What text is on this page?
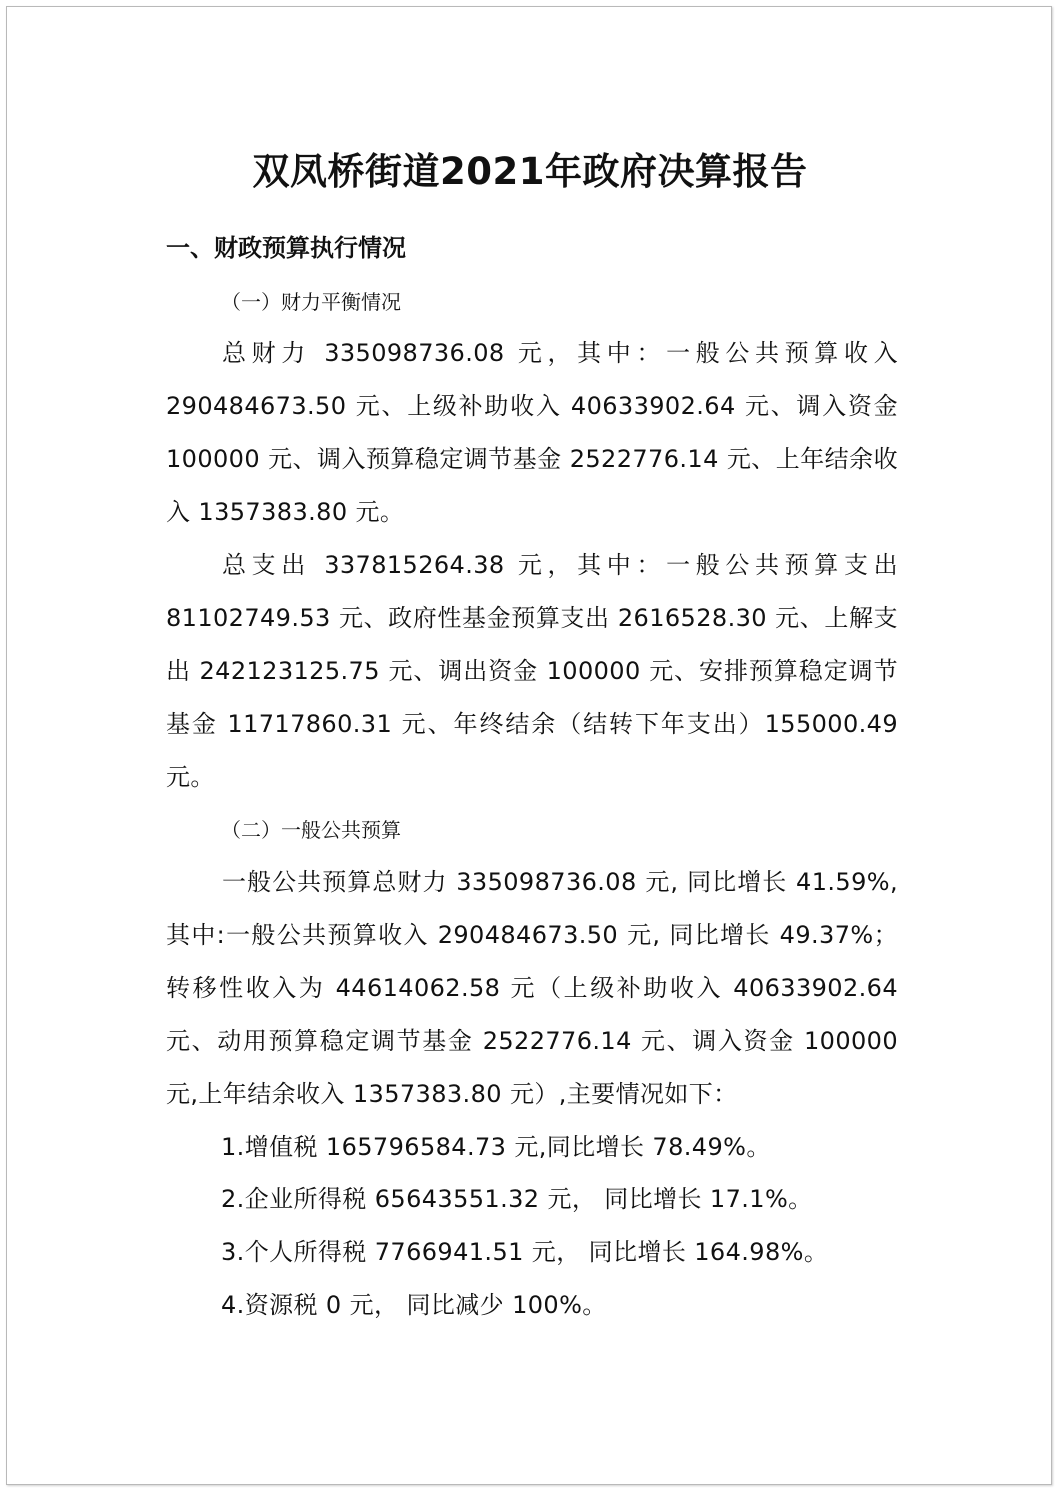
双凤桥街道2021年政府决算报告
一、财政预算执行情况
（一）财力平衡情况
总财力 335098736.08 元，其中：一般公共预算收入 290484673.50 元、上级补助收入 40633902.64 元、调入资金 100000 元、调入预算稳定调节基金 2522776.14 元、上年结余收入 1357383.80 元。
总支出 337815264.38 元，其中：一般公共预算支出 81102749.53 元、政府性基金预算支出 2616528.30 元、上解支出 242123125.75 元、调出资金 100000 元、安排预算稳定调节基金 11717860.31 元、年终结余（结转下年支出）155000.49 元。
（二）一般公共预算
一般公共预算总财力 335098736.08 元, 同比增长 41.59%, 其中:一般公共预算收入 290484673.50 元, 同比增长 49.37%；转移性收入为 44614062.58 元（上级补助收入 40633902.64 元、动用预算稳定调节基金 2522776.14 元、调入资金 100000 元,上年结余收入 1357383.80 元）,主要情况如下：
1.增值税 165796584.73 元,同比增长 78.49%。
2.企业所得税 65643551.32 元， 同比增长 17.1%。
3.个人所得税 7766941.51 元， 同比增长 164.98%。
4.资源税 0 元， 同比减少 100%。
